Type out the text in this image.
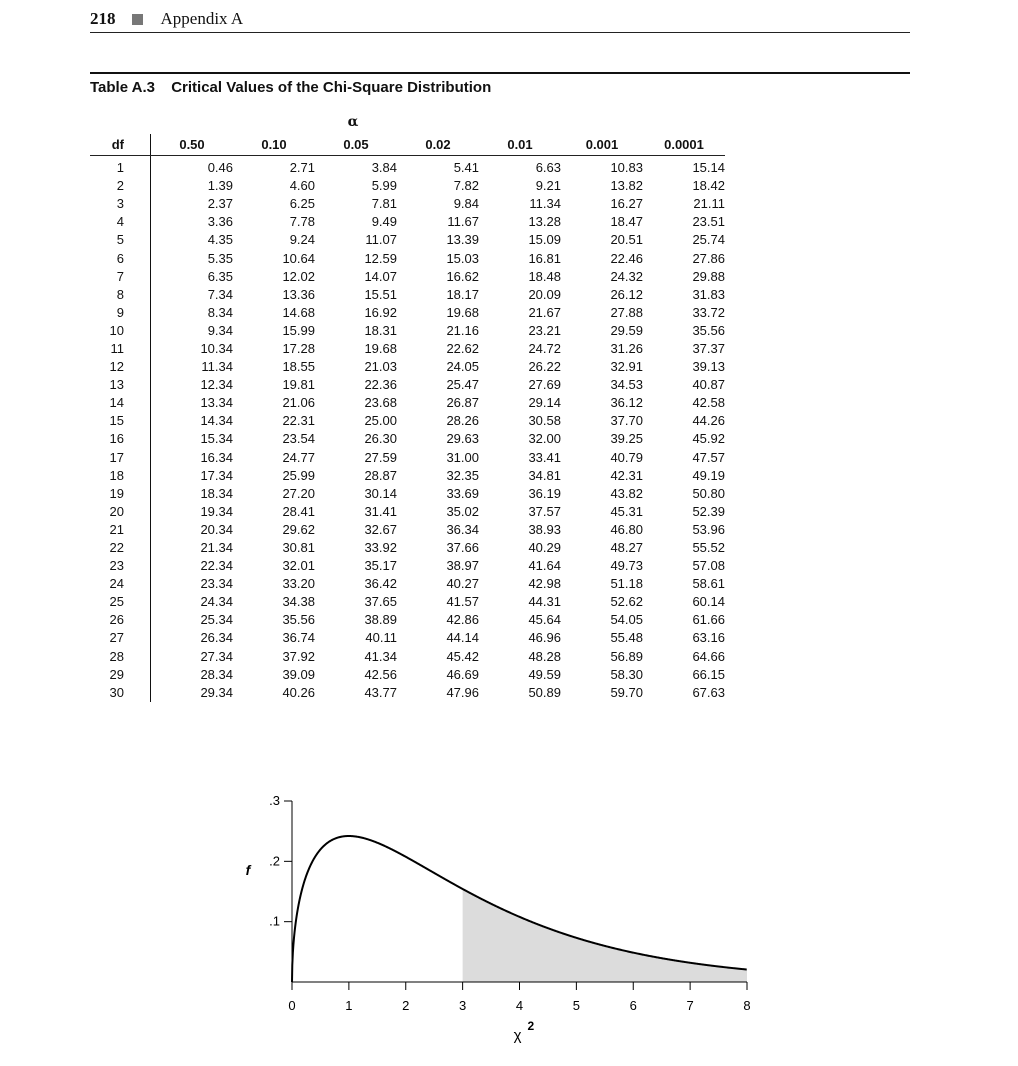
218	Appendix A
Table A.3 Critical Values of the Chi-Square Distribution
α
df	0.50	0.10	0.05	0.02	0.01	0.001	0.0001
1	0.46	2.71	3.84	5.41	6.63	10.83	15.14
2	1.39	4.60	5.99	7.82	9.21	13.82	18.42
3	2.37	6.25	7.81	9.84	11.34	16.27	21.11
4	3.36	7.78	9.49	11.67	13.28	18.47	23.51
5	4.35	9.24	11.07	13.39	15.09	20.51	25.74
6	5.35	10.64	12.59	15.03	16.81	22.46	27.86
7	6.35	12.02	14.07	16.62	18.48	24.32	29.88
8	7.34	13.36	15.51	18.17	20.09	26.12	31.83
9	8.34	14.68	16.92	19.68	21.67	27.88	33.72
10	9.34	15.99	18.31	21.16	23.21	29.59	35.56
11	10.34	17.28	19.68	22.62	24.72	31.26	37.37
12	11.34	18.55	21.03	24.05	26.22	32.91	39.13
13	12.34	19.81	22.36	25.47	27.69	34.53	40.87
14	13.34	21.06	23.68	26.87	29.14	36.12	42.58
15	14.34	22.31	25.00	28.26	30.58	37.70	44.26
16	15.34	23.54	26.30	29.63	32.00	39.25	45.92
17	16.34	24.77	27.59	31.00	33.41	40.79	47.57
18	17.34	25.99	28.87	32.35	34.81	42.31	49.19
19	18.34	27.20	30.14	33.69	36.19	43.82	50.80
20	19.34	28.41	31.41	35.02	37.57	45.31	52.39
21	20.34	29.62	32.67	36.34	38.93	46.80	53.96
22	21.34	30.81	33.92	37.66	40.29	48.27	55.52
23	22.34	32.01	35.17	38.97	41.64	49.73	57.08
24	23.34	33.20	36.42	40.27	42.98	51.18	58.61
25	24.34	34.38	37.65	41.57	44.31	52.62	60.14
26	25.34	35.56	38.89	42.86	45.64	54.05	61.66
27	26.34	36.74	40.11	44.14	46.96	55.48	63.16
28	27.34	37.92	41.34	45.42	48.28	56.89	64.66
29	28.34	39.09	42.56	46.69	49.59	58.30	66.15
30	29.34	40.26	43.77	47.96	50.89	59.70	67.63
0	1	2	3	4	5	6	7	8
.1
.2
.3
f
χ
2
